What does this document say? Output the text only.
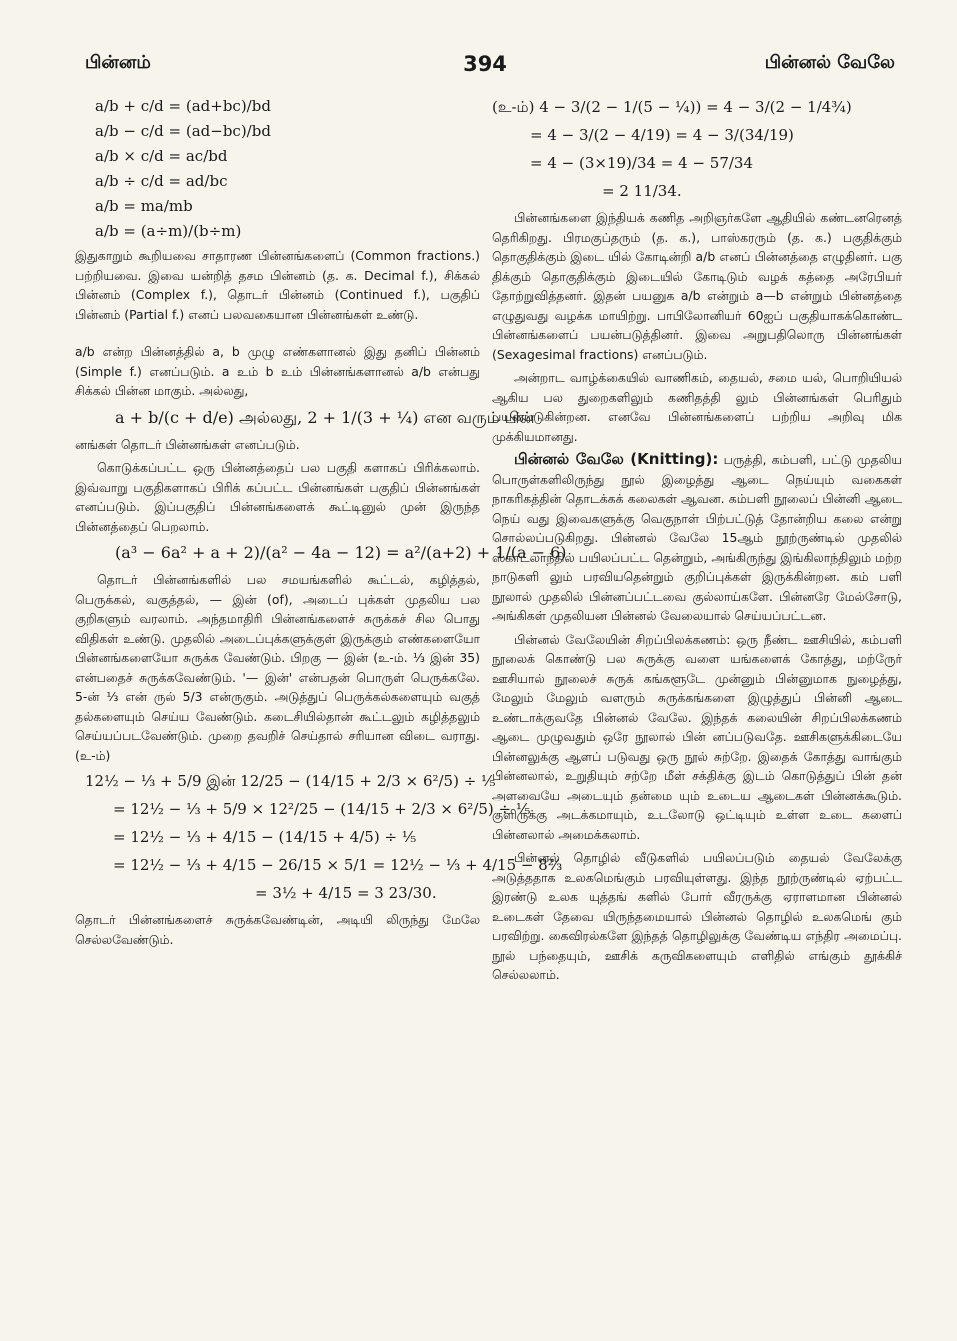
பின்னம்	394	பின்னல் வேலே
a/b + c/d = (ad+bc)/bd
a/b − c/d = (ad−bc)/bd
a/b × c/d = ac/bd
a/b ÷ c/d = ad/bc
a/b = ma/mb
a/b = (a÷m)/(b÷m)

இதுகாறும் கூறியவை சாதாரண பின்னங்களைப் (Common fractions.) பற்றியவை. இவை யன்றித் தசம பின்னம் (த. க. Decimal f.), சிக்கல் பின்னம் (Complex f.), தொடர் பின்னம் (Continued f.), பகுதிப் பின்னம் (Partial f.) எனப் பலவகையான பின்னங்கள் உண்டு.

a/b என்ற பின்னத்தில் a, b முழு எண்களானல் இது தனிப் பின்னம் (Simple f.) எனப்படும். a உம் b உம் பின்னங்களானல் a/b என்பது சிக்கல் பின்ன மாகும். அல்லது,

a + b/(c + d/e) அல்லது, 2 + 1/(3 + ¼) என வரும் பின்

னங்கள் தொடர் பின்னங்கள் எனப்படும்.

கொடுக்கப்பட்ட ஒரு பின்னத்தைப் பல பகுதி களாகப் பிரிக்கலாம். இவ்வாறு பகுதிகளாகப் பிரிக் கப்பட்ட பின்னங்கள் பகுதிப் பின்னங்கள் எனப்படும். இப்பகுதிப் பின்னங்களைக் கூட்டினுல் முன் இருந்த பின்னத்தைப் பெறலாம்.

(a³ − 6a² + a + 2)/(a² − 4a − 12) = a²/(a+2) + 1/(a − 6)

தொடர் பின்னங்களில் பல சமயங்களில் கூட்டல், கழித்தல், பெருக்கல், வகுத்தல், — இன் (of), அடைப் புக்கள் முதலிய பல குறிகளும் வரலாம். அந்தமாதிரி பின்னங்களைச் சுருக்கச் சில பொது விதிகள் உண்டு. முதலில் அடைப்புக்களுக்குள் இருக்கும் எண்களையோ பின்னங்களையோ சுருக்க வேண்டும். பிறகு — இன் (உ-ம். ⅓ இன் 35) என்பதைச் சுருக்கவேண்டும். '— இன்' என்பதன் பொருள் பெருக்கலே. 5-ன் ⅓ என் ருல் 5/3 என்ருகும். அடுத்துப் பெருக்கல்களையும் வகுத் தல்களையும் செய்ய வேண்டும். கடைசியில்தான் கூட்டலும் கழித்தலும் செய்யப்படவேண்டும். முறை தவறிச் செய்தால் சரியான விடை வராது. (உ-ம்)

12½ − ⅓ + 5/9 இன் 12/25 − (14/15 + 2/3 × 6²/5) ÷ ⅕
= 12½ − ⅓ + 5/9 × 12²/25 − (14/15 + 2/3 × 6²/5) ÷ ⅕
= 12½ − ⅓ + 4/15 − (14/15 + 4/5) ÷ ⅕
= 12½ − ⅓ + 4/15 − 26/15 × 5/1 = 12½ − ⅓ + 4/15 − 8⅔
= 3½ + 4/15 = 3 23/30.

தொடர் பின்னங்களைச் சுருக்கவேண்டின், அடியி லிருந்து மேலே செல்லவேண்டும்.

(உ-ம்) 4 − 3/(2 − 1/(5 − ¼)) = 4 − 3/(2 − 1/4¾)
= 4 − 3/(2 − 4/19) = 4 − 3/(34/19)
= 4 − (3×19)/34 = 4 − 57/34
= 2 11/34.

பின்னங்களை இந்தியக் கணித அறிஞர்களே ஆதியில் கண்டனரெனத் தெரிகிறது. பிரமகுப்தரும் (த. க.), பாஸ்கரரும் (த. க.) பகுதிக்கும் தொகுதிக்கும் இடை யில் கோடின்றி a/b எனப் பின்னத்தை எழுதினர். பகு திக்கும் தொகுதிக்கும் இடையில் கோடிடும் வழக் கத்தை அரேபியர் தோற்றுவித்தனர். இதன் பயனுக a/b என்றும் a—b என்றும் பின்னத்தை எழுதுவது வழக்க மாயிற்று. பாபிலோனியர் 60ஐப் பகுதியாகக்கொண்ட பின்னங்களைப் பயன்படுத்தினர். இவை அறுபதிலொரு பின்னங்கள் (Sexagesimal fractions) எனப்படும்.

அன்றாட வாழ்க்கையில் வாணிகம், தையல், சமை யல், பொறியியல் ஆகிய பல துறைகளிலும் கணிதத்தி லும் பின்னங்கள் பெரிதும் பயன்படுகின்றன. எனவே பின்னங்களைப் பற்றிய அறிவு மிக முக்கியமானது.

பின்னல் வேலே (Knitting): பருத்தி, கம்பளி, பட்டு முதலிய பொருள்களிலிருந்து நூல் இழைத்து ஆடை நெய்யும் வகைகள் நாகரிகத்தின் தொடக்கக் கலைகள் ஆவன. கம்பளி நூலைப் பின்னி ஆடை நெய் வது இவைகளுக்கு வெகுநாள் பிற்பட்டுத் தோன்றிய கலை என்று சொல்லப்படுகிறது. பின்னல் வேலே 15ஆம் நூற்ருண்டில் முதலில் ஸ்காட்லாந்தில் பயிலப்பட்ட தென்றும், அங்கிருந்து இங்கிலாந்திலும் மற்ற நாடுகளி லும் பரவியதென்றும் குறிப்புக்கள் இருக்கின்றன. கம் பளி நூலால் முதலில் பின்னப்பட்டவை குல்லாய்களே. பின்னரே மேல்சோடு, அங்கிகள் முதலியன பின்னல் வேலையால் செய்யப்பட்டன.

பின்னல் வேலேயின் சிறப்பிலக்கணம்: ஒரு நீண்ட ஊசியில், கம்பளி நூலைக் கொண்டு பல சுருக்கு வளை யங்களைக் கோத்து, மற்ருேர் ஊசியால் நூலைச் சுருக் கங்களூடே முன்னும் பின்னுமாக நுழைத்து, மேலும் மேலும் வளரும் சுருக்கங்களை இழுத்துப் பின்னி ஆடை உண்டாக்குவதே பின்னல் வேலே. இந்தக் கலையின் சிறப்பிலக்கணம் ஆடை முழுவதும் ஒரே நூலால் பின் னப்படுவதே. ஊசிகளுக்கிடையே பின்னலுக்கு ஆளப் படுவது ஒரு நூல் சுற்றே. இதைக் கோத்து வாங்கும் பின்னலால், உறுதியும் சற்றே மீள் சக்திக்கு இடம் கொடுத்துப் பின் தன் அளவையே அடையும் தன்மை யும் உடைய ஆடைகள் பின்னக்கூடும். குளிருக்கு அடக்கமாயும், உடலோடு ஒட்டியும் உள்ள உடை களைப் பின்னலால் அமைக்கலாம்.

பின்னல் தொழில் வீடுகளில் பயிலப்படும் தையல் வேலேக்கு அடுத்ததாக உலகமெங்கும் பரவியுள்ளது. இந்த நூற்ருண்டில் ஏற்பட்ட இரண்டு உலக யுத்தங் களில் போர் வீரருக்கு ஏராளமான பின்னல் உடைகள் தேவை யிருந்தமையால் பின்னல் தொழில் உலகமெங் கும் பரவிற்று. கைவிரல்களே இந்தத் தொழிலுக்கு வேண்டிய எந்திர அமைப்பு. நூல் பந்தையும், ஊசிக் கருவிகளையும் எளிதில் எங்கும் தூக்கிச் செல்லலாம்.
